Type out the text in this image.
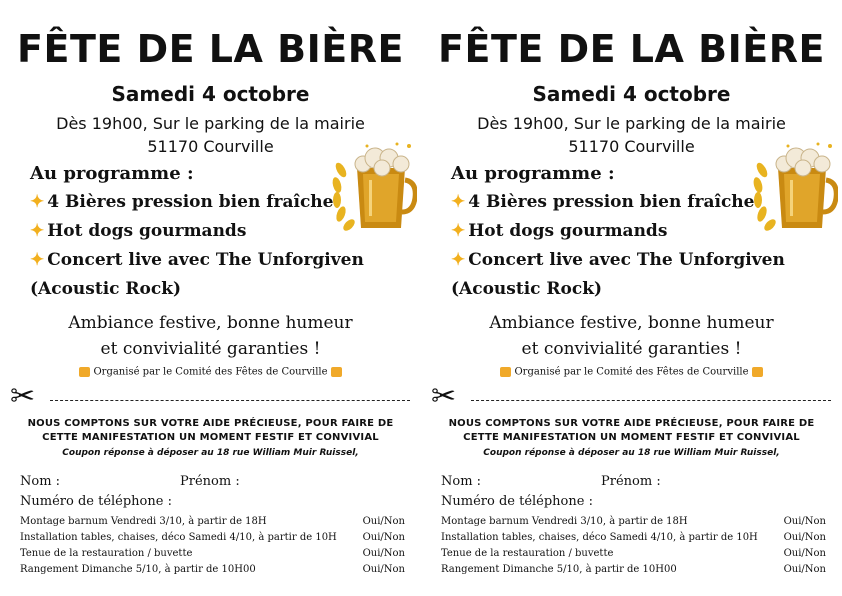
FÊTE DE LA BIÈRE
Samedi 4 octobre
Dès 19h00, Sur le parking de la mairie
51170 Courville
Au programme :
✦ 4 Bières pression bien fraîche
✦ Hot dogs gourmands
✦ Concert live avec The Unforgiven
(Acoustic Rock)
Ambiance festive, bonne humeur
et convivialité garanties !
Organisé par le Comité des Fêtes de Courville
✂
NOUS COMPTONS SUR VOTRE AIDE PRÉCIEUSE, POUR FAIRE DE
CETTE MANIFESTATION UN MOMENT FESTIF ET CONVIVIAL
Coupon réponse à déposer au 18 rue William Muir Ruissel,
Nom :	Prénom :
Numéro de téléphone :
Montage barnum Vendredi 3/10, à partir de 18H	Oui/Non
Installation tables, chaises, déco Samedi 4/10, à partir de 10H	Oui/Non
Tenue de la restauration / buvette	Oui/Non
Rangement Dimanche 5/10, à partir de 10H00	Oui/Non
FÊTE DE LA BIÈRE
Samedi 4 octobre
Dès 19h00, Sur le parking de la mairie
51170 Courville
Au programme :
✦ 4 Bières pression bien fraîche
✦ Hot dogs gourmands
✦ Concert live avec The Unforgiven
(Acoustic Rock)
Ambiance festive, bonne humeur
et convivialité garanties !
Organisé par le Comité des Fêtes de Courville
✂
NOUS COMPTONS SUR VOTRE AIDE PRÉCIEUSE, POUR FAIRE DE
CETTE MANIFESTATION UN MOMENT FESTIF ET CONVIVIAL
Coupon réponse à déposer au 18 rue William Muir Ruissel,
Nom :	Prénom :
Numéro de téléphone :
Montage barnum Vendredi 3/10, à partir de 18H	Oui/Non
Installation tables, chaises, déco Samedi 4/10, à partir de 10H	Oui/Non
Tenue de la restauration / buvette	Oui/Non
Rangement Dimanche 5/10, à partir de 10H00	Oui/Non
